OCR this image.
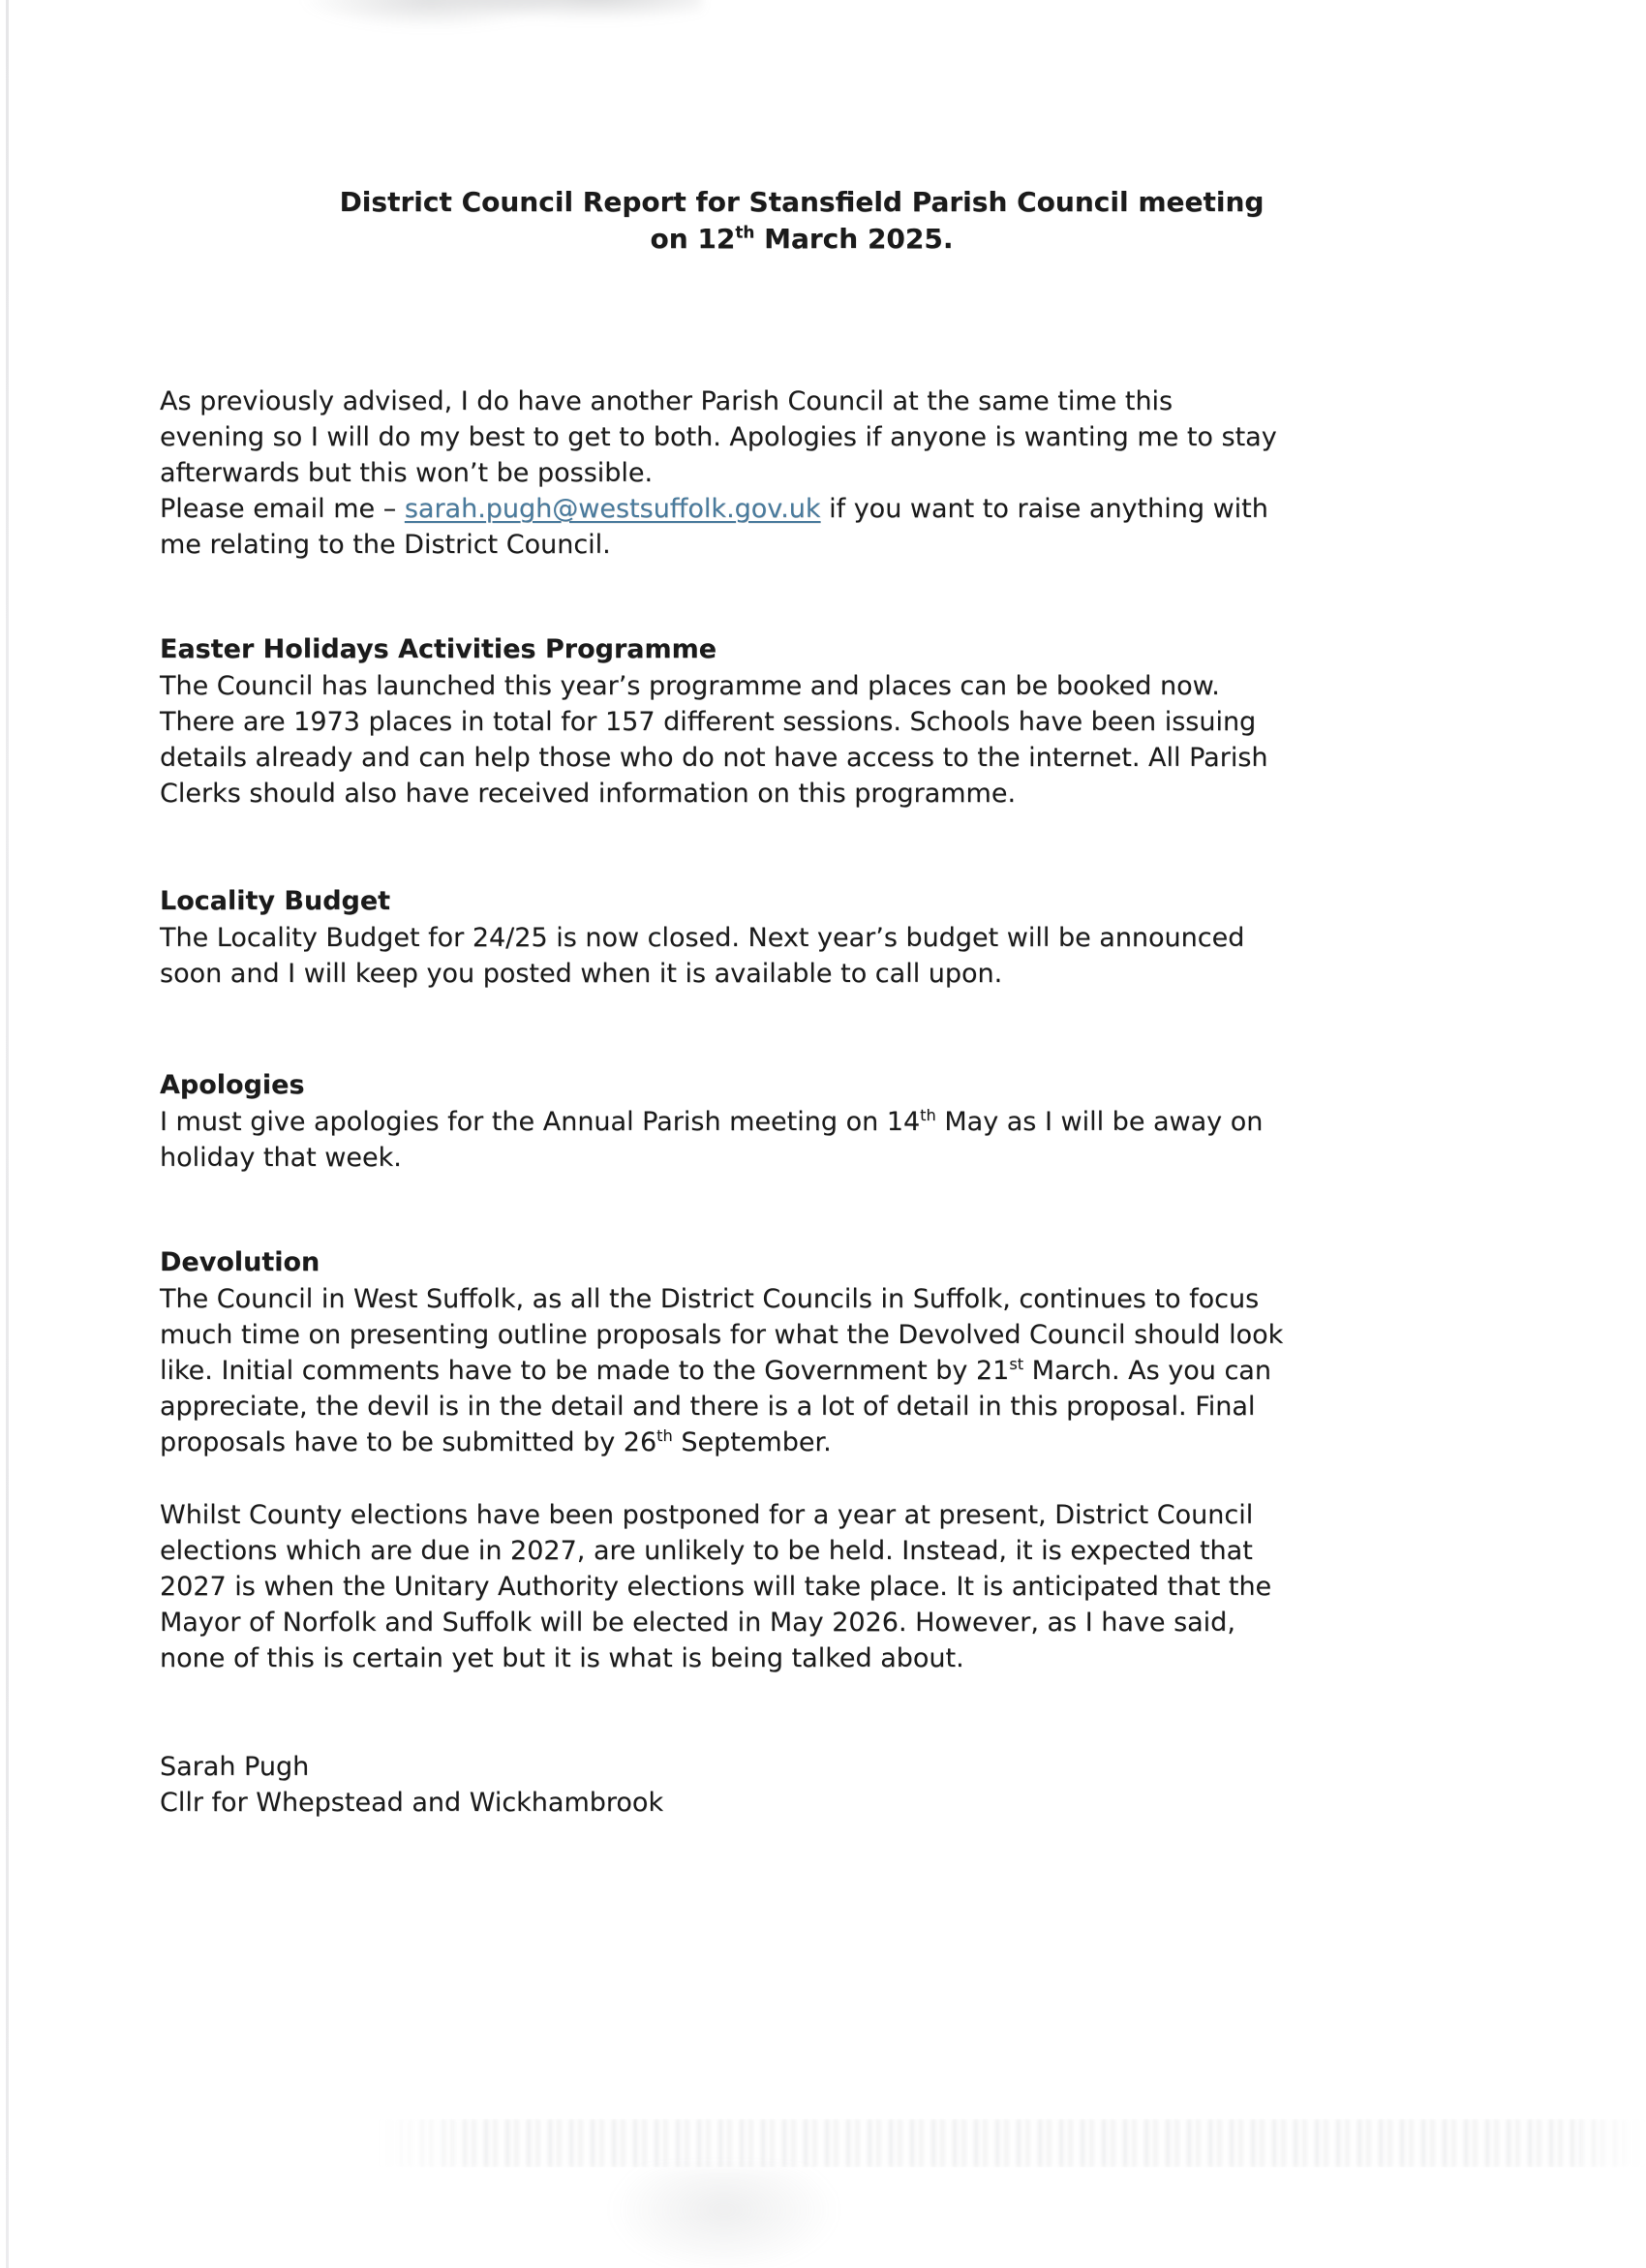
District Council Report for Stansfield Parish Council meeting
on 12th March 2025.
As previously advised, I do have another Parish Council at the same time this
evening so I will do my best to get to both. Apologies if anyone is wanting me to stay
afterwards but this won’t be possible.
Please email me – sarah.pugh@westsuffolk.gov.uk if you want to raise anything with
me relating to the District Council.
Easter Holidays Activities Programme
The Council has launched this year’s programme and places can be booked now.
There are 1973 places in total for 157 different sessions. Schools have been issuing
details already and can help those who do not have access to the internet. All Parish
Clerks should also have received information on this programme.
Locality Budget
The Locality Budget for 24/25 is now closed. Next year’s budget will be announced
soon and I will keep you posted when it is available to call upon.
Apologies
I must give apologies for the Annual Parish meeting on 14th May as I will be away on
holiday that week.
Devolution
The Council in West Suffolk, as all the District Councils in Suffolk, continues to focus
much time on presenting outline proposals for what the Devolved Council should look
like. Initial comments have to be made to the Government by 21st March. As you can
appreciate, the devil is in the detail and there is a lot of detail in this proposal. Final
proposals have to be submitted by 26th September.
Whilst County elections have been postponed for a year at present, District Council
elections which are due in 2027, are unlikely to be held. Instead, it is expected that
2027 is when the Unitary Authority elections will take place. It is anticipated that the
Mayor of Norfolk and Suffolk will be elected in May 2026. However, as I have said,
none of this is certain yet but it is what is being talked about.
Sarah Pugh
Cllr for Whepstead and Wickhambrook
